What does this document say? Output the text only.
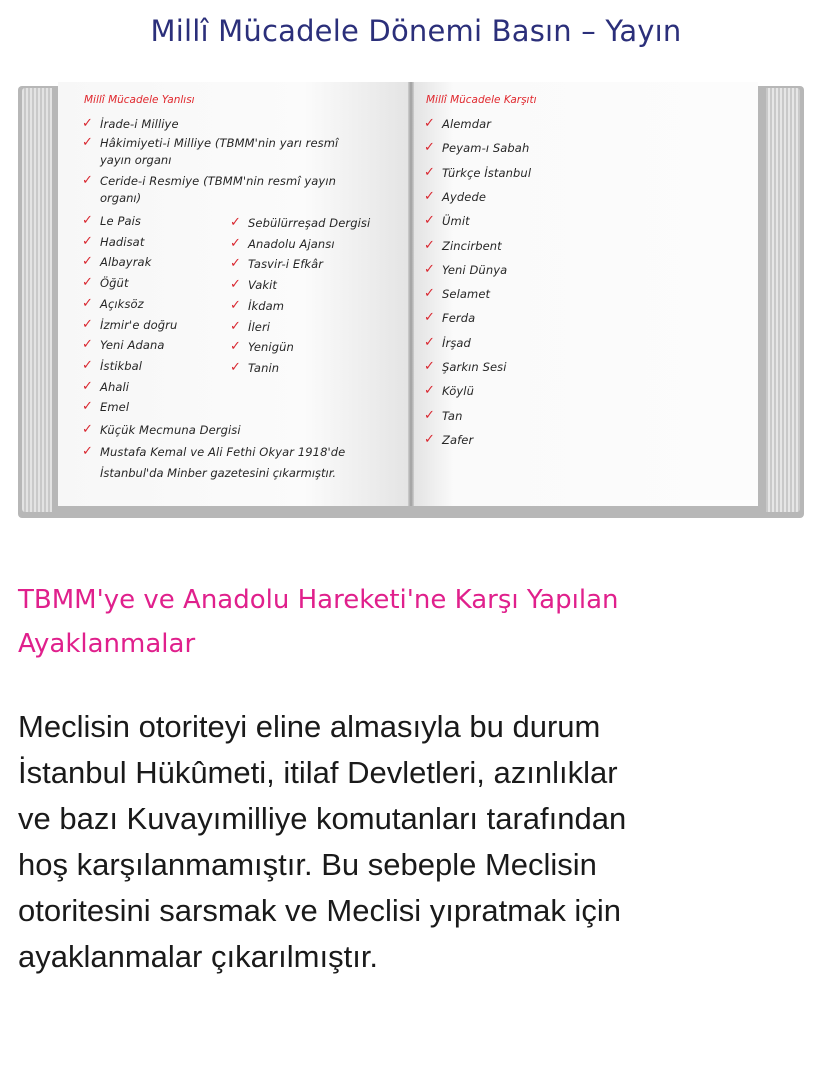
Millî Mücadele Dönemi Basın – Yayın
Millî Mücadele Yanlısı
✓ İrade-i Milliye
✓ Hâkimiyeti-i Milliye (TBMM'nin yarı resmî
yayın organı
✓ Ceride-i Resmiye (TBMM'nin resmî yayın
organı)
✓ Le Pais
✓ Hadisat
✓ Albayrak
✓ Öğüt
✓ Açıksöz
✓ İzmir'e doğru
✓ Yeni Adana
✓ İstikbal
✓ Ahali
✓ Emel
✓ Sebülürreşad Dergisi
✓ Anadolu Ajansı
✓ Tasvir-i Efkâr
✓ Vakit
✓ İkdam
✓ İleri
✓ Yenigün
✓ Tanin
✓ Küçük Mecmuna Dergisi
✓ Mustafa Kemal ve Ali Fethi Okyar 1918'de
İstanbul'da Minber gazetesini çıkarmıştır.
Millî Mücadele Karşıtı
✓ Alemdar
✓ Peyam-ı Sabah
✓ Türkçe İstanbul
✓ Aydede
✓ Ümit
✓ Zincirbent
✓ Yeni Dünya
✓ Selamet
✓ Ferda
✓ İrşad
✓ Şarkın Sesi
✓ Köylü
✓ Tan
✓ Zafer
TBMM'ye ve Anadolu Hareketi'ne Karşı Yapılan
Ayaklanmalar
Meclisin otoriteyi eline almasıyla bu durum
İstanbul Hükûmeti, itilaf Devletleri, azınlıklar
ve bazı Kuvayımilliye komutanları tarafından
hoş karşılanmamıştır. Bu sebeple Meclisin
otoritesini sarsmak ve Meclisi yıpratmak için
ayaklanmalar çıkarılmıştır.
